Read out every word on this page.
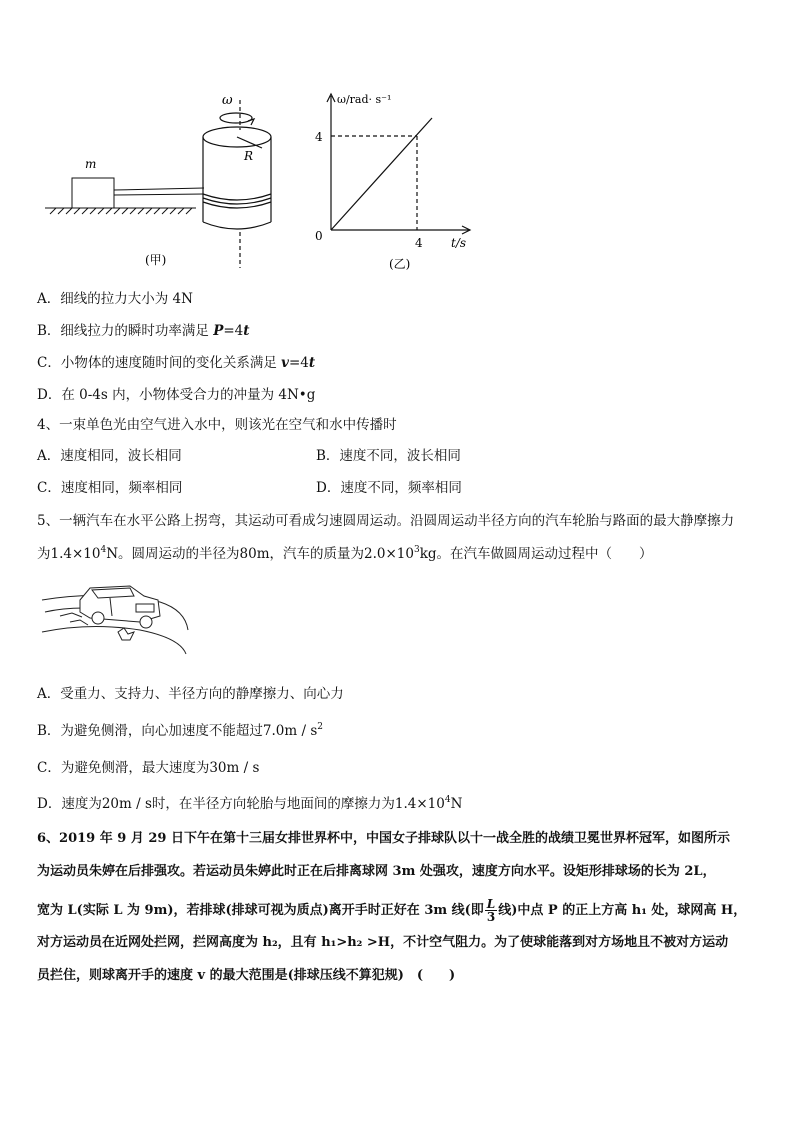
ω
R
m
(甲)
ω/rad· s⁻¹
4
0	4 t/s
(乙)
A．细线的拉力大小为 4N
B．细线拉力的瞬时功率满足 P=4t
C．小物体的速度随时间的变化关系满足 v=4t
D．在 0-4s 内，小物体受合力的冲量为 4N•g
4、一束单色光由空气进入水中，则该光在空气和水中传播时
A．速度相同，波长相同	B．速度不同，波长相同
C．速度相同，频率相同	D．速度不同，频率相同
5、一辆汽车在水平公路上拐弯，其运动可看成匀速圆周运动。沿圆周运动半径方向的汽车轮胎与路面的最大静摩擦力
为$1.4\times 10^4N$。圆周运动的半径为80m，汽车的质量为$2.0\times 10^3kg$。在汽车做圆周运动过程中（　　）
A．受重力、支持力、半径方向的静摩擦力、向心力
B．为避免侧滑，向心加速度不能超过$7.0m / s^2$
C．为避免侧滑，最大速度为30m / s
D．速度为20m / s时，在半径方向轮胎与地面间的摩擦力为$1.4\times 10^4N$
6、2019 年 9 月 29 日下午在第十三届女排世界杯中，中国女子排球队以十一战全胜的战绩卫冕世界杯冠军，如图所示
为运动员朱婷在后排强攻。若运动员朱婷此时正在后排离球网 3m 处强攻，速度方向水平。设矩形排球场的长为 2L，
宽为 L(实际 L 为 9m)，若排球(排球可视为质点)离开手时正好在 3m 线(即 $\frac{L}{3}$ 线)中点 P 的正上方高 h₁ 处，球网高 H，
对方运动员在近网处拦网，拦网高度为 h₂，且有 h₁>h₂ >H，不计空气阻力。为了使球能落到对方场地且不被对方运动
员拦住，则球离开手的速度 v 的最大范围是(排球压线不算犯规)　(　　)
